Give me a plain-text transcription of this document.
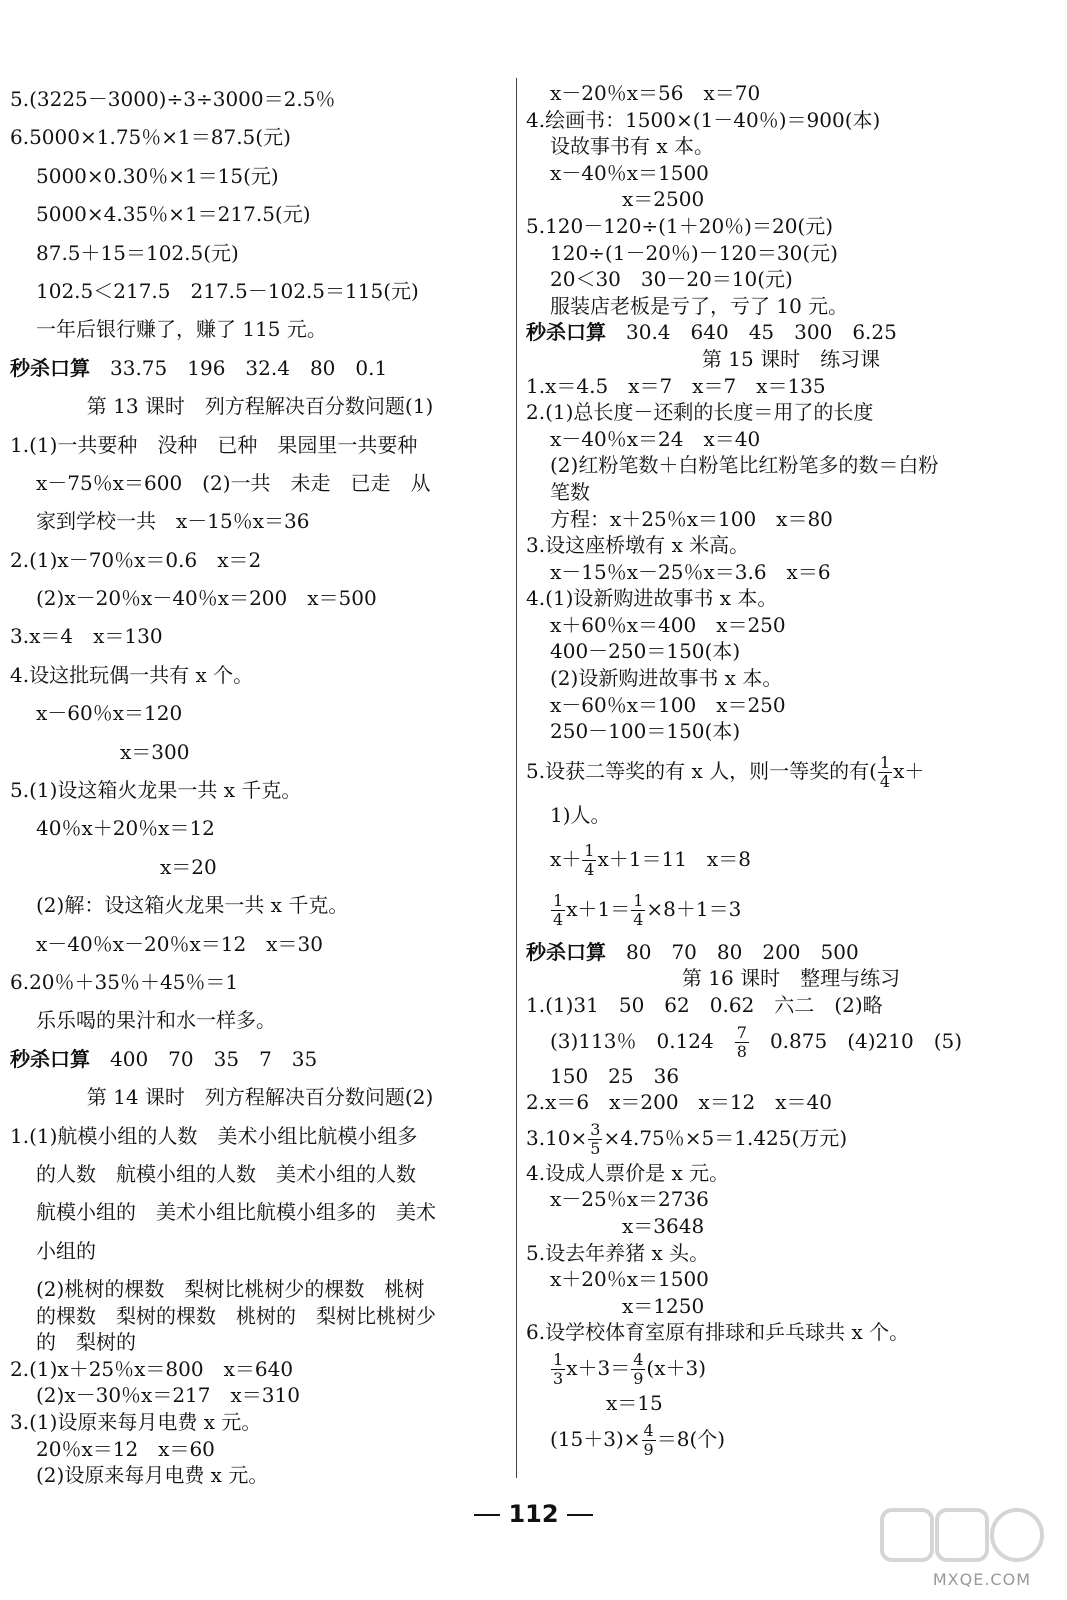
5.(3225－3000)÷3÷3000＝2.5％
6.5000×1.75％×1＝87.5(元)
5000×0.30％×1＝15(元)
5000×4.35％×1＝217.5(元)
87.5＋15＝102.5(元)
102.5＜217.5　217.5－102.5＝115(元)
一年后银行赚了，赚了 115 元。
秒杀口算　 33.75　196　32.4　80　0.1
第 13 课时　列方程解决百分数问题(1)
1.(1)一共要种　没种　已种　果园里一共要种
x－75％x＝600　(2)一共　未走　已走　从
家到学校一共　x－15％x＝36
2.(1)x－70％x＝0.6　x＝2
(2)x－20％x－40％x＝200　x＝500
3.x＝4　x＝130
4.设这批玩偶一共有 x 个。
x－60％x＝120
x＝300
5.(1)设这箱火龙果一共 x 千克。
40％x＋20％x＝12
x＝20
(2)解：设这箱火龙果一共 x 千克。
x－40％x－20％x＝12　x＝30
6.20％＋35％＋45％＝1
乐乐喝的果汁和水一样多。
秒杀口算　 400　70　35　7　35
第 14 课时　列方程解决百分数问题(2)
1.(1)航模小组的人数　美术小组比航模小组多
的人数　航模小组的人数　美术小组的人数
航模小组的　美术小组比航模小组多的　美术
小组的
(2)桃树的棵数　梨树比桃树少的棵数　桃树
的棵数　梨树的棵数　桃树的　梨树比桃树少
的　梨树的
2.(1)x＋25％x＝800　x＝640
(2)x－30％x＝217　x＝310
3.(1)设原来每月电费 x 元。
20％x＝12　x＝60
(2)设原来每月电费 x 元。
x－20％x＝56　x＝70
4.绘画书：1500×(1－40％)＝900(本)
设故事书有 x 本。
x－40％x＝1500
x＝2500
5.120－120÷(1＋20％)＝20(元)
120÷(1－20％)－120＝30(元)
20＜30　30－20＝10(元)
服装店老板是亏了，亏了 10 元。
秒杀口算　 30.4　640　45　300　6.25
第 15 课时　练习课
1.x＝4.5　x＝7　x＝7　x＝135
2.(1)总长度－还剩的长度＝用了的长度
x－40％x＝24　x＝40
(2)红粉笔数＋白粉笔比红粉笔多的数＝白粉
笔数
方程：x＋25％x＝100　x＝80
3.设这座桥墩有 x 米高。
x－15％x－25％x＝3.6　x＝6
4.(1)设新购进故事书 x 本。
x＋60％x＝400　x＝250
400－250＝150(本)
(2)设新购进故事书 x 本。
x－60％x＝100　x＝250
250－100＝150(本)
5.设获二等奖的有 x 人，则一等奖的有( $\frac{1}{4} x+$
1)人。
$x+ \frac{1}{4} x+1=11$　x＝8
$\frac{1}{4} x+1= \frac{1}{4} \times 8+1=3$
秒杀口算　 80　70　80　200　500
第 16 课时　整理与练习
1.(1)31　50　62　0.62　六二　(2)略
(3)113％　0.124　 $\frac{7}{8}$
　 0.875　(4)210　(5)
150　25　36
2.x＝6　x＝200　x＝12　x＝40
$3.10\times \frac{3}{5} \times 4.75$％×5＝1.425(万元)
4.设成人票价是 x 元。
x－25％x＝2736
x＝3648
5.设去年养猪 x 头。
x＋20％x＝1500
x＝1250
6.设学校体育室原有排球和乒乓球共 x 个。
$\frac{1}{3} x+3= \frac{4}{9} (x+3)$
x＝15
$(15+3)\times \frac{4}{9} =8$(个)
112
MXQE.COM
